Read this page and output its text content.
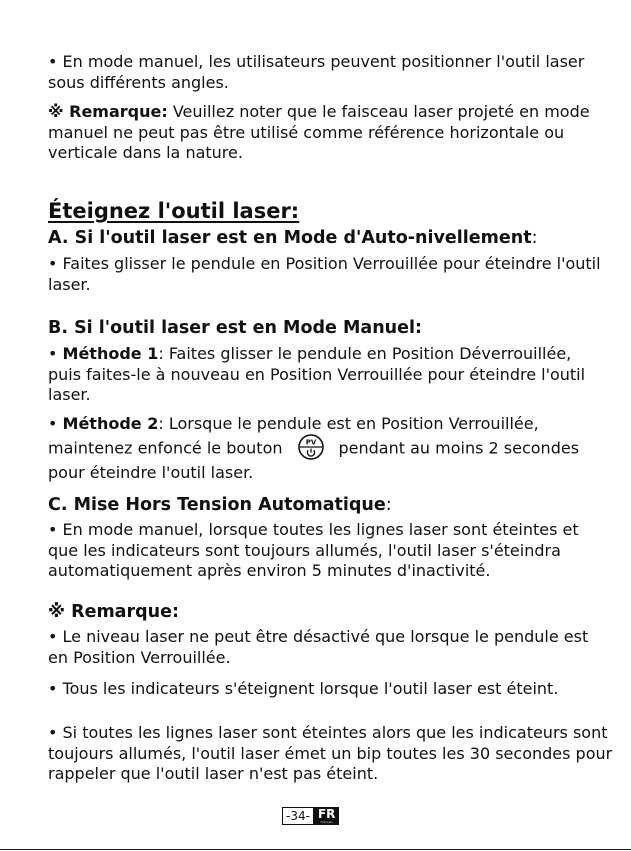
• En mode manuel, les utilisateurs peuvent positionner l'outil laser sous différents angles.

※ Remarque: Veuillez noter que le faisceau laser projeté en mode manuel ne peut pas être utilisé comme référence horizontale ou verticale dans la nature.

Éteignez l'outil laser:
A. Si l'outil laser est en Mode d'Auto-nivellement:

• Faites glisser le pendule en Position Verrouillée pour éteindre l'outil laser.

B. Si l'outil laser est en Mode Manuel:

• Méthode 1: Faites glisser le pendule en Position Déverrouillée, puis faites-le à nouveau en Position Verrouillée pour éteindre l'outil laser.

• Méthode 2: Lorsque le pendule est en Position Verrouillée, maintenez enfoncé le bouton	PV pendant au moins 2 secondes pour éteindre l'outil laser.

C. Mise Hors Tension Automatique:

• En mode manuel, lorsque toutes les lignes laser sont éteintes et que les indicateurs sont toujours allumés, l'outil laser s'éteindra automatiquement après environ 5 minutes d'inactivité.

※ Remarque:

• Le niveau laser ne peut être désactivé que lorsque le pendule est en Position Verrouillée.

• Tous les indicateurs s'éteignent lorsque l'outil laser est éteint.

• Si toutes les lignes laser sont éteintes alors que les indicateurs sont toujours allumés, l'outil laser émet un bip toutes les 30 secondes pour rappeler que l'outil laser n'est pas éteint.

-34- FR
Français
